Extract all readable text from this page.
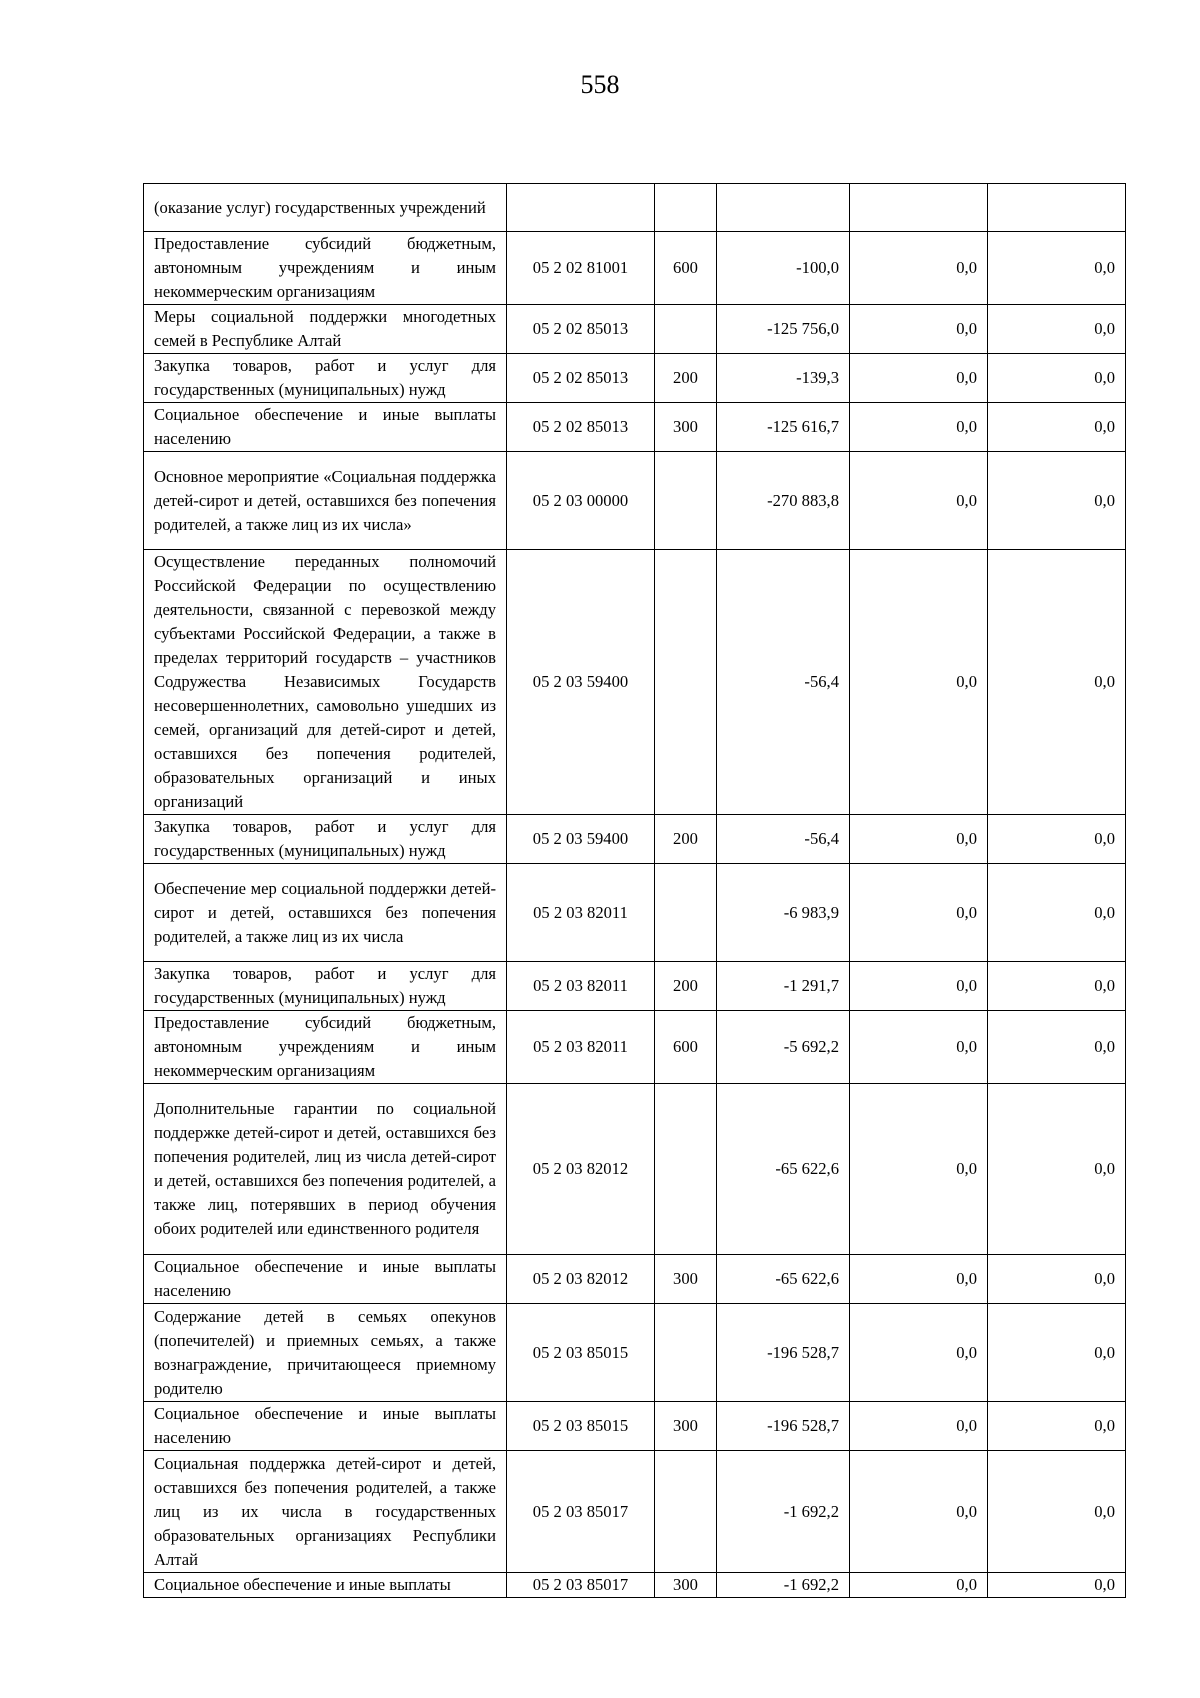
558
(оказание услуг) государственных учреждений					
Предоставление субсидий бюджетным, автономным учреждениям и иным некоммерческим организациям	05 2 02 81001	600	-100,0	0,0	0,0
Меры социальной поддержки многодетных семей в Республике Алтай	05 2 02 85013		-125 756,0	0,0	0,0
Закупка товаров, работ и услуг для государственных (муниципальных) нужд	05 2 02 85013	200	-139,3	0,0	0,0
Социальное обеспечение и иные выплаты населению	05 2 02 85013	300	-125 616,7	0,0	0,0
Основное мероприятие «Социальная поддержка детей-сирот и детей, оставшихся без попечения родителей, а также лиц из их числа»	05 2 03 00000		-270 883,8	0,0	0,0
Осуществление переданных полномочий Российской Федерации по осуществлению деятельности, связанной с перевозкой между субъектами Российской Федерации, а также в пределах территорий государств – участников Содружества Независимых Государств несовершеннолетних, самовольно ушедших из семей, организаций для детей-сирот и детей, оставшихся без попечения родителей, образовательных организаций и иных организаций	05 2 03 59400		-56,4	0,0	0,0
Закупка товаров, работ и услуг для государственных (муниципальных) нужд	05 2 03 59400	200	-56,4	0,0	0,0
Обеспечение мер социальной поддержки детей-сирот и детей, оставшихся без попечения родителей, а также лиц из их числа	05 2 03 82011		-6 983,9	0,0	0,0
Закупка товаров, работ и услуг для государственных (муниципальных) нужд	05 2 03 82011	200	-1 291,7	0,0	0,0
Предоставление субсидий бюджетным, автономным учреждениям и иным некоммерческим организациям	05 2 03 82011	600	-5 692,2	0,0	0,0
Дополнительные гарантии по социальной поддержке детей-сирот и детей, оставшихся без попечения родителей, лиц из числа детей-сирот и детей, оставшихся без попечения родителей, а также лиц, потерявших в период обучения обоих родителей или единственного родителя	05 2 03 82012		-65 622,6	0,0	0,0
Социальное обеспечение и иные выплаты населению	05 2 03 82012	300	-65 622,6	0,0	0,0
Содержание детей в семьях опекунов (попечителей) и приемных семьях, а также вознаграждение, причитающееся приемному родителю	05 2 03 85015		-196 528,7	0,0	0,0
Социальное обеспечение и иные выплаты населению	05 2 03 85015	300	-196 528,7	0,0	0,0
Социальная поддержка детей-сирот и детей, оставшихся без попечения родителей, а также лиц из их числа в государственных образовательных организациях Республики Алтай	05 2 03 85017		-1 692,2	0,0	0,0
Социальное обеспечение и иные выплаты	05 2 03 85017	300	-1 692,2	0,0	0,0
